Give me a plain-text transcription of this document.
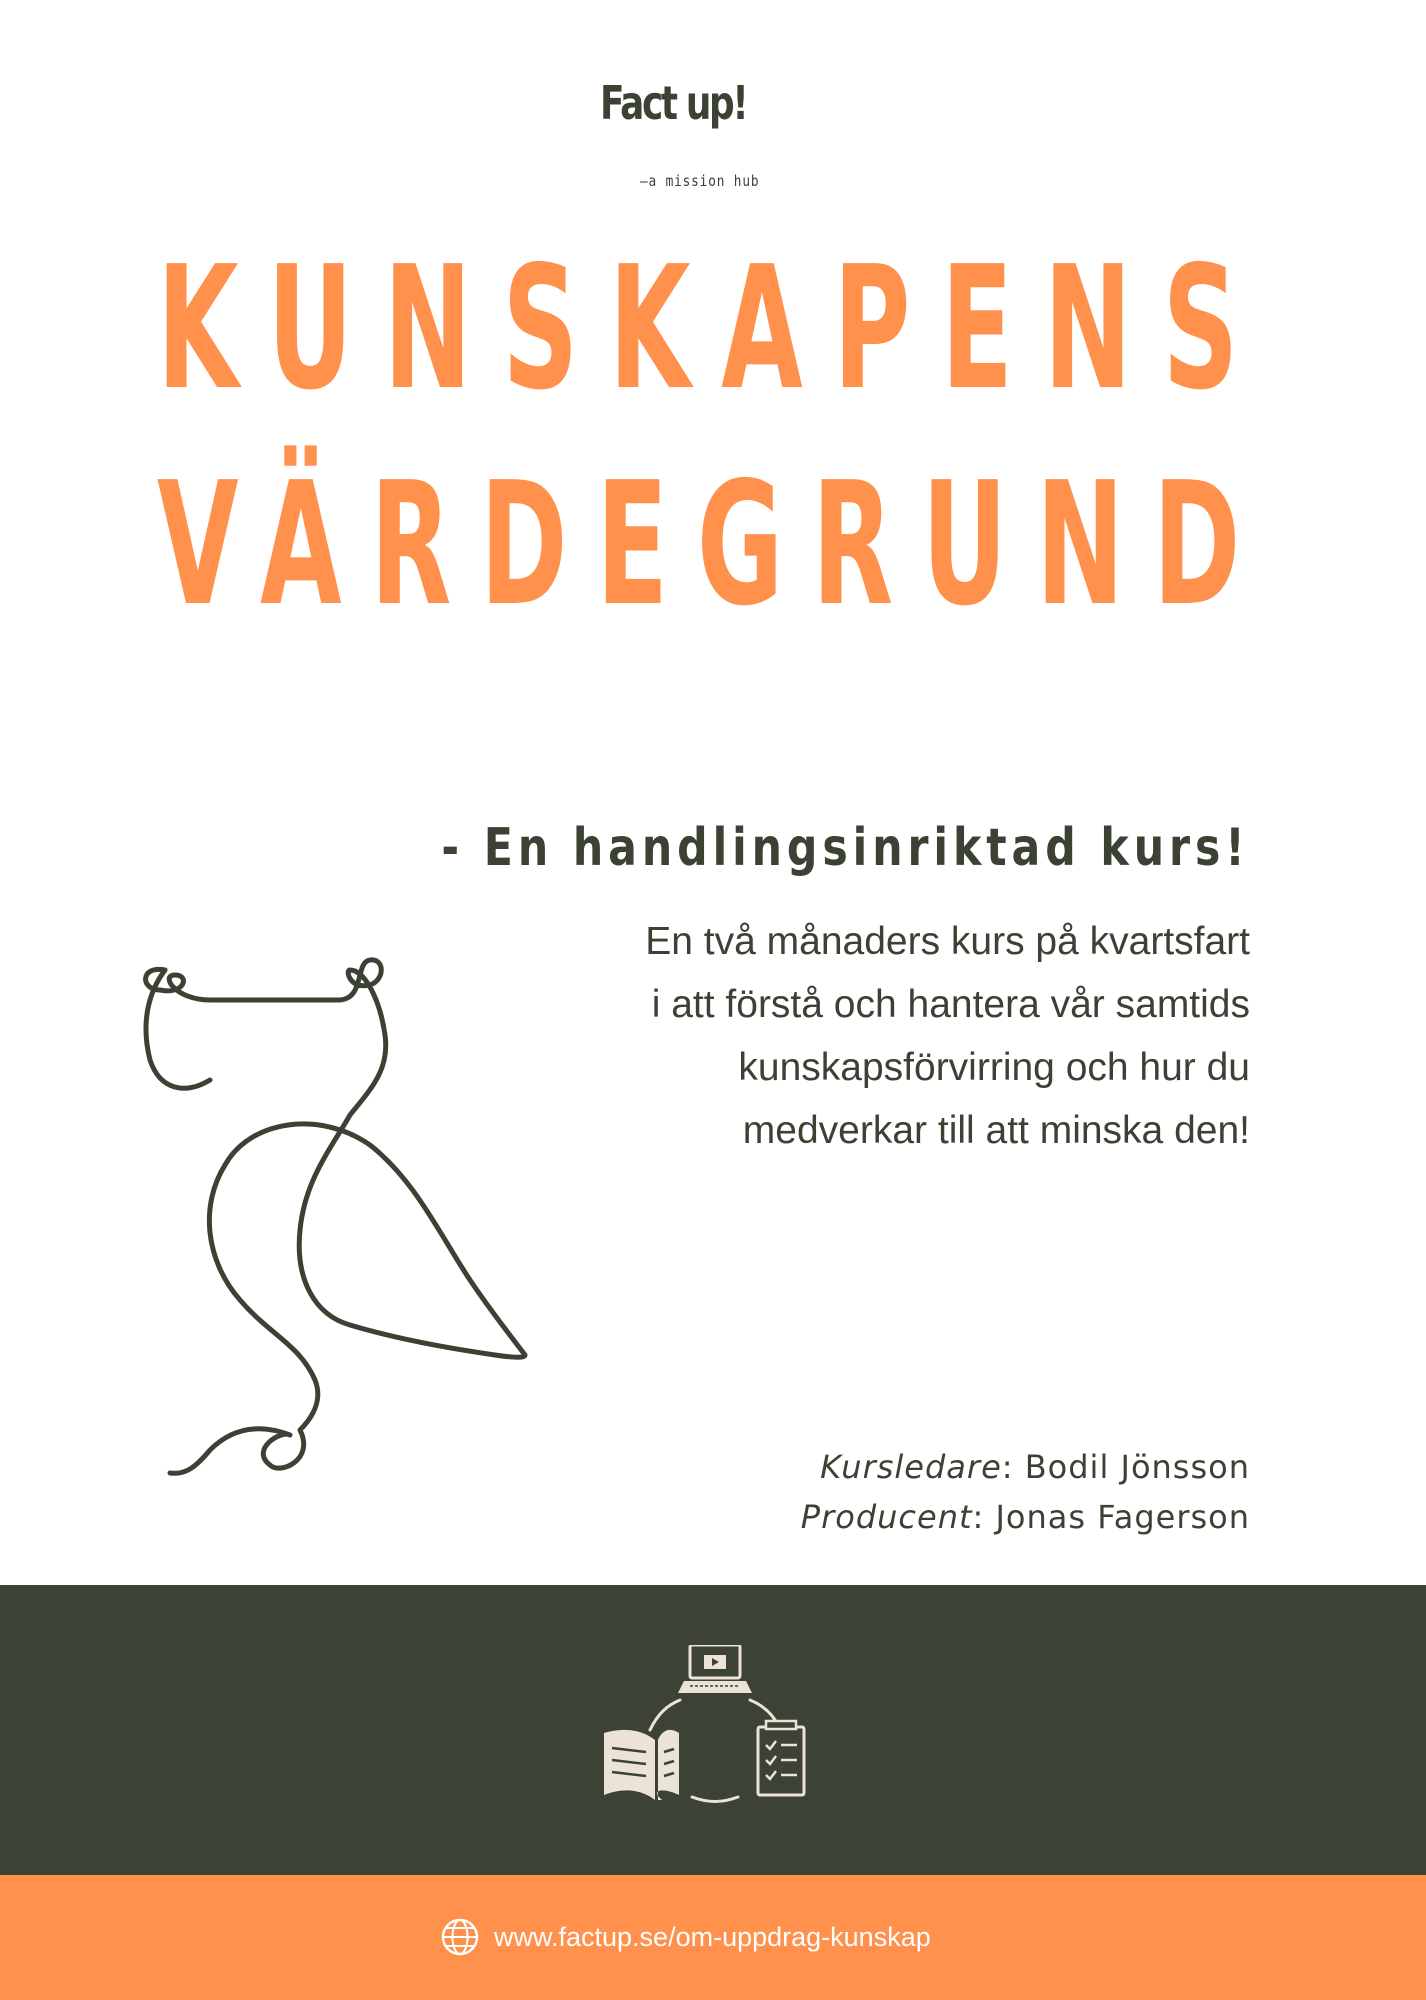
Fact up!
–a mission hub
KUNSKAPENS
VÄRDEGRUND
- En handlingsinriktad kurs!
En två månaders kurs på kvartsfart
i att förstå och hantera vår samtids
kunskapsförvirring och hur du
medverkar till att minska den!
Kursledare: Bodil Jönsson
Producent: Jonas Fagerson
www.factup.se/om-uppdrag-kunskap
